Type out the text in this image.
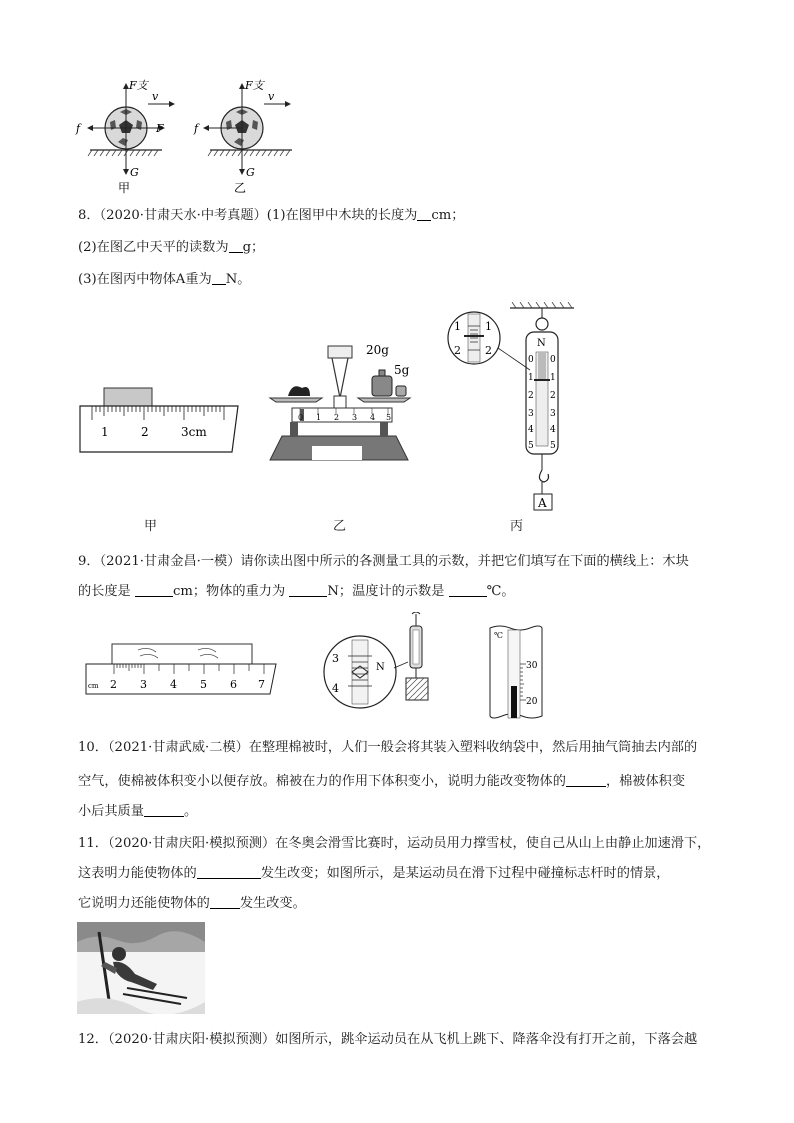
F支
v
f	F
G
甲
F支
v
f
G
乙
8．（2020·甘肃天水·中考真题）(1)在图甲中木块的长度为 cm；
(2)在图乙中天平的读数为 g；
(3)在图丙中物体A重为 N。
1	2	3cm
20g
5g
0 1 2 3 4 5
N
0 0
1 1
2 2
3 3
4 4
5 5
A
1 1
2 2
甲	乙	丙
9．（2021·甘肃金昌·一模）请你读出图中所示的各测量工具的示数，并把它们填写在下面的横线上：木块
的长度是	cm；物体的重力为	N；温度计的示数是	℃。
cm 2 3 4 5 6 7
3
4
N
℃
30
20
10．（2021·甘肃武威·二模）在整理棉被时，人们一般会将其装入塑料收纳袋中，然后用抽气筒抽去内部的
空气，使棉被体积变小以便存放。棉被在力的作用下体积变小，说明力能改变物体的	，棉被体积变
小后其质量	。
11．（2020·甘肃庆阳·模拟预测）在冬奥会滑雪比赛时，运动员用力撑雪杖，使自己从山上由静止加速滑下，
这表明力能使物体的	发生改变；如图所示，是某运动员在滑下过程中碰撞标志杆时的情景，
它说明力还能使物体的 发生改变。
12．（2020·甘肃庆阳·模拟预测）如图所示，跳伞运动员在从飞机上跳下、降落伞没有打开之前，下落会越
